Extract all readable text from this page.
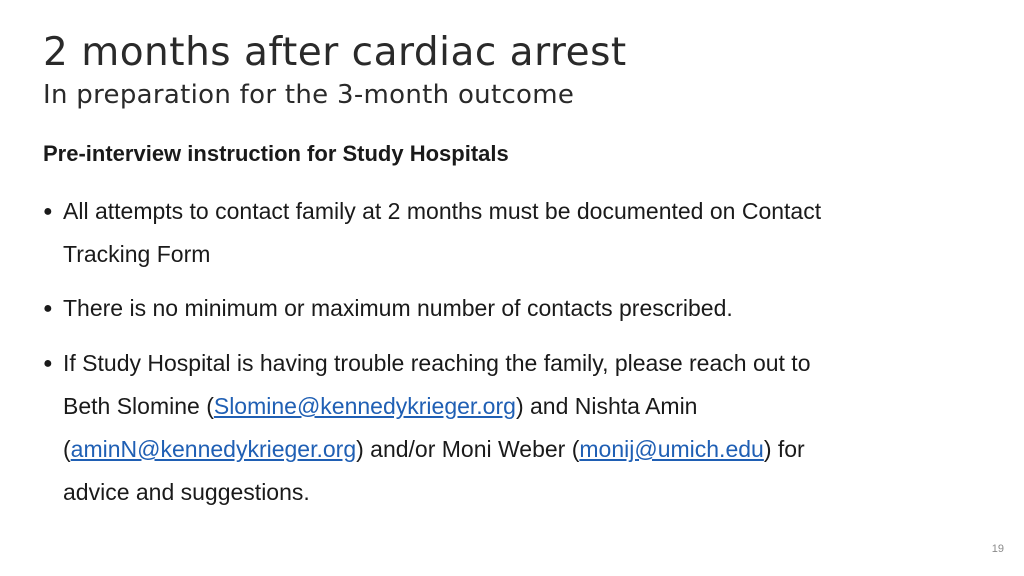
2 months after cardiac arrest
In preparation for the 3-month outcome
Pre-interview instruction for Study Hospitals
● All attempts to contact family at 2 months must be documented on Contact
Tracking Form
● There is no minimum or maximum number of contacts prescribed.
● If Study Hospital is having trouble reaching the family, please reach out to
Beth Slomine (Slomine@kennedykrieger.org) and Nishta Amin
(aminN@kennedykrieger.org) and/or Moni Weber (monij@umich.edu) for
advice and suggestions.
19
